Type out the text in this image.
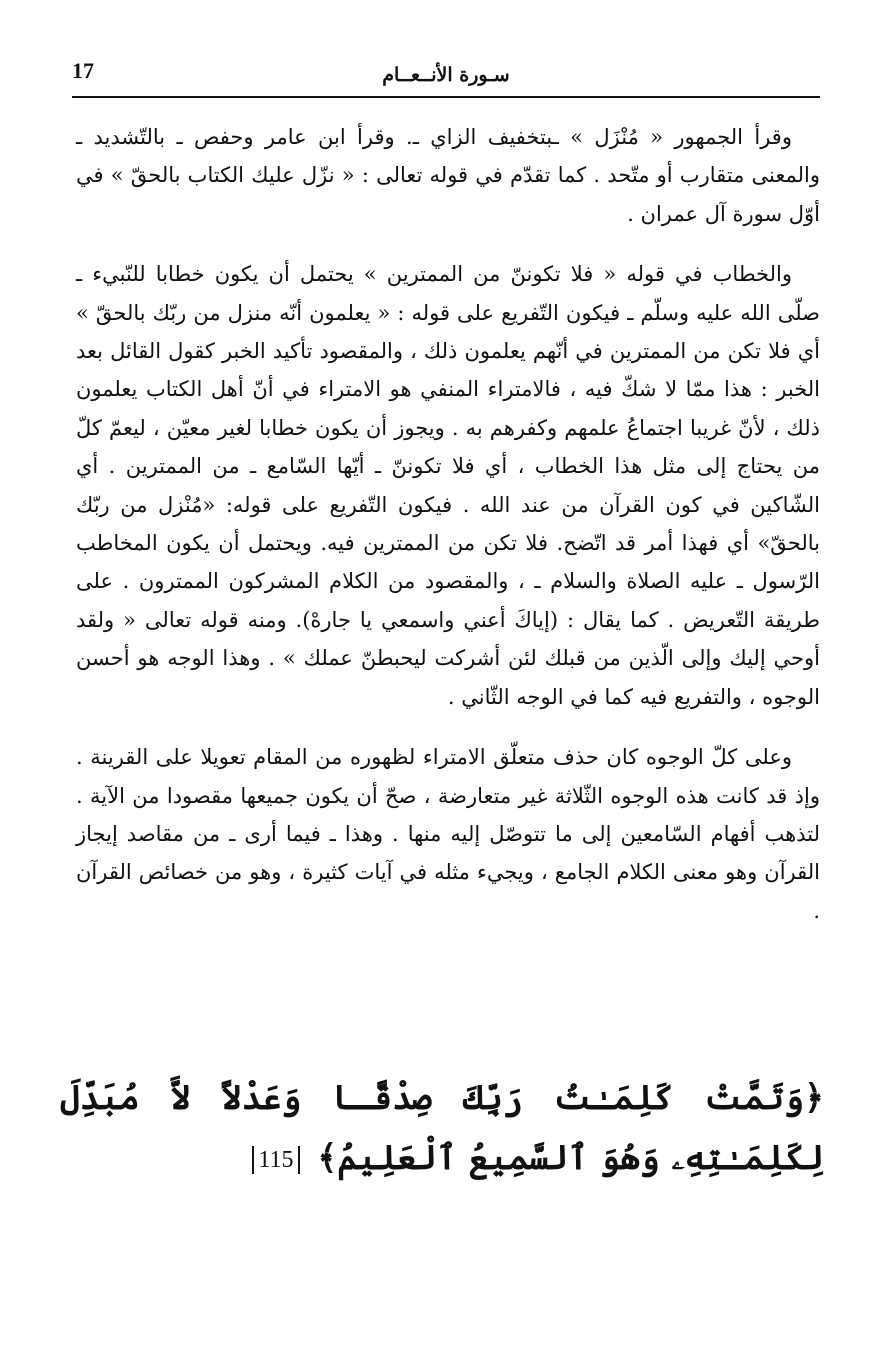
17	سـورة الأنــعــام

وقرأ الجمهور « مُنْزَل » ـبتخفيف الزاي ـ. وقرأ ابن عامر وحفص ـ بالتّشديد ـ والمعنى متقارب أو متّحد . كما تقدّم في قوله تعالى : « نزّل عليك الكتاب بالحقّ » في أوّل سورة آل عمران .

والخطاب في قوله « فلا تكوننّ من الممترين » يحتمل أن يكون خطابا للنّبيء ـ صلّى الله عليه وسلّم ـ فيكون التّفريع على قوله : « يعلمون أنّه منزل من ربّك بالحقّ » أي فلا تكن من الممترين في أنّهم يعلمون ذلك ، والمقصود تأكيد الخبر كقول القائل بعد الخبر : هذا ممّا لا شكّ فيه ، فالامتراء المنفي هو الامتراء في أنّ أهل الكتاب يعلمون ذلك ، لأنّ غريبا اجتماعُ علمهم وكفرهم به . ويجوز أن يكون خطابا لغير معيّن ، ليعمّ كلّ من يحتاج إلى مثل هذا الخطاب ، أي فلا تكوننّ ـ أيّها السّامع ـ من الممترين . أي الشّاكين في كون القرآن من عند الله . فيكون التّفريع على قوله: «مُنْزل من ربّك بالحقّ» أي فهذا أمر قد اتّضح. فلا تكن من الممترين فيه. ويحتمل أن يكون المخاطب الرّسول ـ عليه الصلاة والسلام ـ ، والمقصود من الكلام المشركون الممترون . على طريقة التّعريض . كما يقال : (إياكَ أعني واسمعي يا جارهْ). ومنه قوله تعالى « ولقد أوحي إليك وإلى الّذين من قبلك لئن أشركت ليحبطنّ عملك » . وهذا الوجه هو أحسن الوجوه ، والتفريع فيه كما في الوجه الثّاني .

وعلى كلّ الوجوه كان حذف متعلّق الامتراء لظهوره من المقام تعويلا على القرينة . وإذ قد كانت هذه الوجوه الثّلاثة غير متعارضة ، صحّ أن يكون جميعها مقصودا من الآية . لتذهب أفهام السّامعين إلى ما تتوصّل إليه منها . وهذا ـ فيما أرى ـ من مقاصد إيجاز القرآن وهو معنى الكلام الجامع ، ويجيء مثله في آيات كثيرة ، وهو من خصائص القرآن .

﴿وَتَمَّتْ كَلِمَـٰتُ رَبِّكَ صِدْقًـا وَعَدْلاً لاَّ مُبَدِّلَ لِكَلِمَـٰتِهِۦ وَهُوَ ٱلسَّمِيعُ ٱلْعَلِيمُ﴾ 115
